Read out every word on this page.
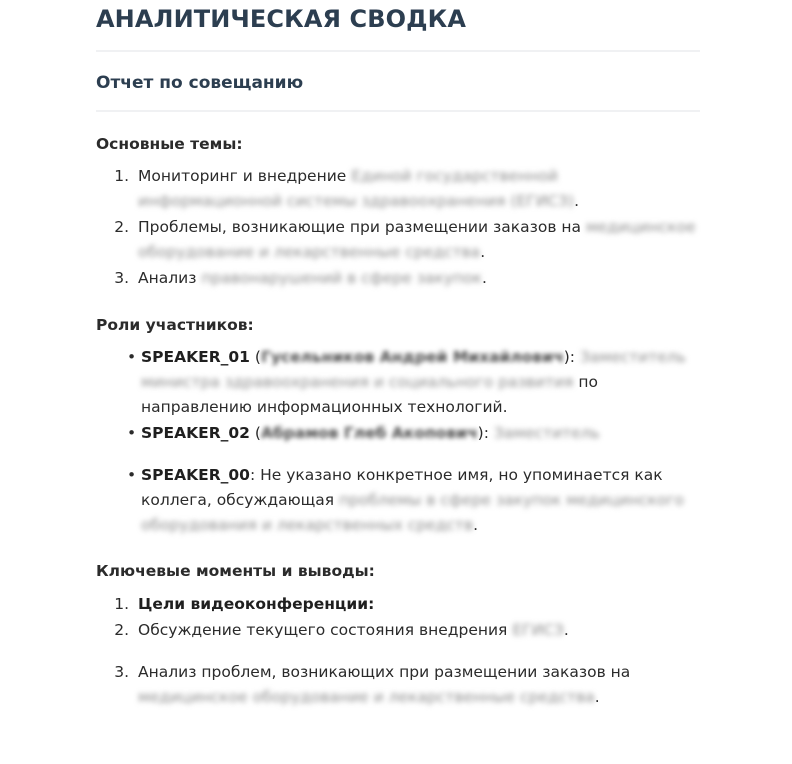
АНАЛИТИЧЕСКАЯ СВОДКА
Отчет по совещанию
Основные темы:
1. Мониторинг и внедрение Единой государственной информационной системы здравоохранения (ЕГИСЗ).
2. Проблемы, возникающие при размещении заказов на медицинское оборудование и лекарственные средства.
3. Анализ правонарушений в сфере закупок.
Роли участников:
• SPEAKER_01 (Гусельников Андрей Михайлович): Заместитель министра здравоохранения и социального развития по направлению информационных технологий.
• SPEAKER_02 (Абрамов Глеб Акопович): Заместитель
• SPEAKER_00: Не указано конкретное имя, но упоминается как коллега, обсуждающая проблемы в сфере закупок медицинского оборудования и лекарственных средств.
Ключевые моменты и выводы:
1. Цели видеоконференции:
2. Обсуждение текущего состояния внедрения ЕГИСЗ.
3. Анализ проблем, возникающих при размещении заказов на медицинское оборудование и лекарственные средства.
